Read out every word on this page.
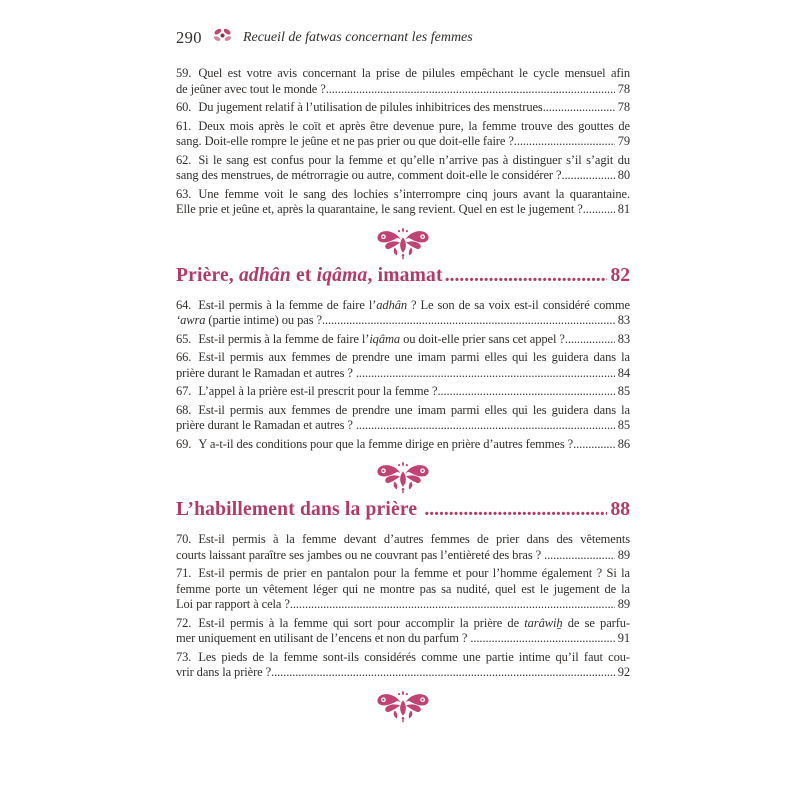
290	Recueil de fatwas concernant les femmes
59. Quel est votre avis concernant la prise de pilules empêchant le cycle mensuel afin
de jeûner avec tout le monde ? .....	78
60. Du jugement relatif à l’utilisation de pilules inhibitrices des menstrues .....	78
61. Deux mois après le coït et après être devenue pure, la femme trouve des gouttes de
sang. Doit-elle rompre le jeûne et ne pas prier ou que doit-elle faire ? .....	79
62. Si le sang est confus pour la femme et qu’elle n’arrive pas à distinguer s’il s’agit du
sang des menstrues, de métrorragie ou autre, comment doit-elle le considérer ? .....	80
63. Une femme voit le sang des lochies s’interrompre cinq jours avant la quarantaine.
Elle prie et jeûne et, après la quarantaine, le sang revient. Quel en est le jugement ? .....	81
Prière, adhân et iqâma, imamat .....	82
64. Est-il permis à la femme de faire l’adhân ? Le son de sa voix est-il considéré comme
‘awra (partie intime) ou pas ? .....	83
65. Est-il permis à la femme de faire l’iqâma ou doit-elle prier sans cet appel ? .....	83
66. Est-il permis aux femmes de prendre une imam parmi elles qui les guidera dans la
prière durant le Ramadan et autres ? .....	84
67. L’appel à la prière est-il prescrit pour la femme ? .....	85
68. Est-il permis aux femmes de prendre une imam parmi elles qui les guidera dans la
prière durant le Ramadan et autres ? .....	85
69. Y a-t-il des conditions pour que la femme dirige en prière d’autres femmes ? .....	86
L’habillement dans la prière .....	88
70. Est-il permis à la femme devant d’autres femmes de prier dans des vêtements
courts laissant paraître ses jambes ou ne couvrant pas l’entièreté des bras ? .....	89
71. Est-il permis de prier en pantalon pour la femme et pour l’homme également ? Si la
femme porte un vêtement léger qui ne montre pas sa nudité, quel est le jugement de la
Loi par rapport à cela ? .....	89
72. Est-il permis à la femme qui sort pour accomplir la prière de tarâwiẖ de se parfu-
mer uniquement en utilisant de l’encens et non du parfum ? .....	91
73. Les pieds de la femme sont-ils considérés comme une partie intime qu’il faut cou-
vrir dans la prière ? .....	92
